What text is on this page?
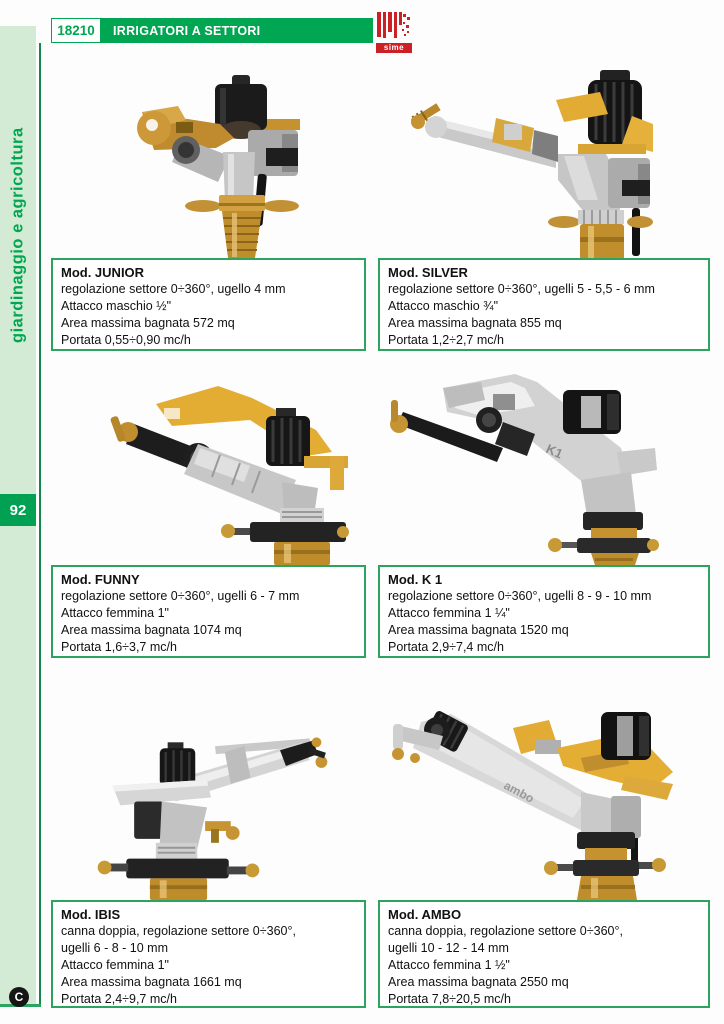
giardinaggio e agricoltura
92
C
18210	IRRIGATORI A SETTORI
sime
K1
ambo
Mod. JUNIOR
regolazione settore 0÷360°, ugello 4 mm
Attacco maschio ½"
Area massima bagnata 572 mq
Portata 0,55÷0,90 mc/h
Mod. SILVER
regolazione settore 0÷360°, ugelli 5 - 5,5 - 6 mm
Attacco maschio ¾"
Area massima bagnata 855 mq
Portata 1,2÷2,7 mc/h
Mod. FUNNY
regolazione settore 0÷360°, ugelli 6 - 7 mm
Attacco femmina 1"
Area massima bagnata 1074 mq
Portata 1,6÷3,7 mc/h
Mod. K 1
regolazione settore 0÷360°, ugelli 8 - 9 - 10 mm
Attacco femmina 1 ¼"
Area massima bagnata 1520 mq
Portata 2,9÷7,4 mc/h
Mod. IBIS
canna doppia, regolazione settore 0÷360°,
ugelli 6 - 8 - 10 mm
Attacco femmina 1"
Area massima bagnata 1661 mq
Portata 2,4÷9,7 mc/h
Mod. AMBO
canna doppia, regolazione settore 0÷360°,
ugelli 10 - 12 - 14 mm
Attacco femmina 1 ½"
Area massima bagnata 2550 mq
Portata 7,8÷20,5 mc/h
